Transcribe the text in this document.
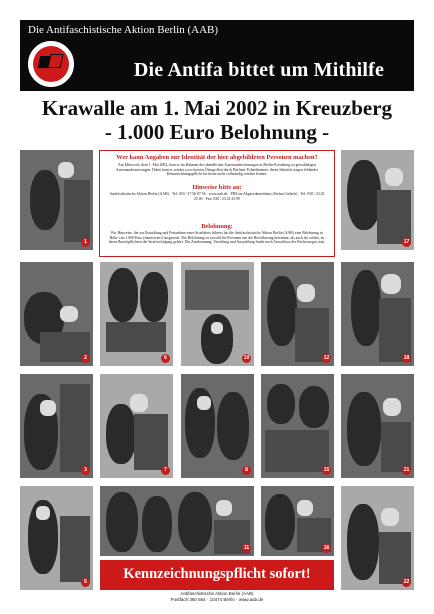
Die Antifaschistische Aktion Berlin (AAB)
Die Antifa bittet um Mithilfe
Krawalle am 1. Mai 2002 in Kreuzberg
- 1.000 Euro Belohnung -
Wer kann Angaben zur Identität der hier abgebildeten Personen machen?
Am Mittwoch, dem 1. Mai 2002, kam es im Rahmen der abendlichen Auseinandersetzungen in Berlin-Kreuzberg zu gewalttätigen Auseinandersetzungen. Dabei kam es wieder zu schweren Übergriffen durch Berliner Polizeibeamte, deren Identität wegen fehlender Kennzeichnungspflicht bis heute nicht vollständig werden konnte.
Hinweise bitte an:
Antifaschistische Aktion Berlin (AAB) · Tel: 030 / 27 56 07 56 · www.aab.de · PDS im Abgeordnetenhaus (Stefan Liebich) · Tel: 030 / 23 25 25 00 · Fax: 030 / 23 25 25 09
Belohnung:
Für Hinweise, die zur Ermittlung und Festnahme eines Straftäters führen, hat die Antifaschistische Aktion Berlin (AAB) eine Belohnung in Höhe von 1.000 Euro (intensiviert) ausgesetzt. Die Belohnung ist sowohl für Personen aus der Bevölkerung bestimmt, als auch für solche, zu deren Berufspflichten die Strafverfolgung gehört. Die Zuerkennung, Verteilung und Auszahlung findet nach Ausschluss des Rechtsweges statt.
1	17
2	6	10	12	18
3	7	8	15	21
5
11	16
22
Kennzeichnungspflicht sofort!
Antifaschistische Aktion Berlin (AAB)
Postfach 360 564 · 10474 Berlin · www.aab.de
